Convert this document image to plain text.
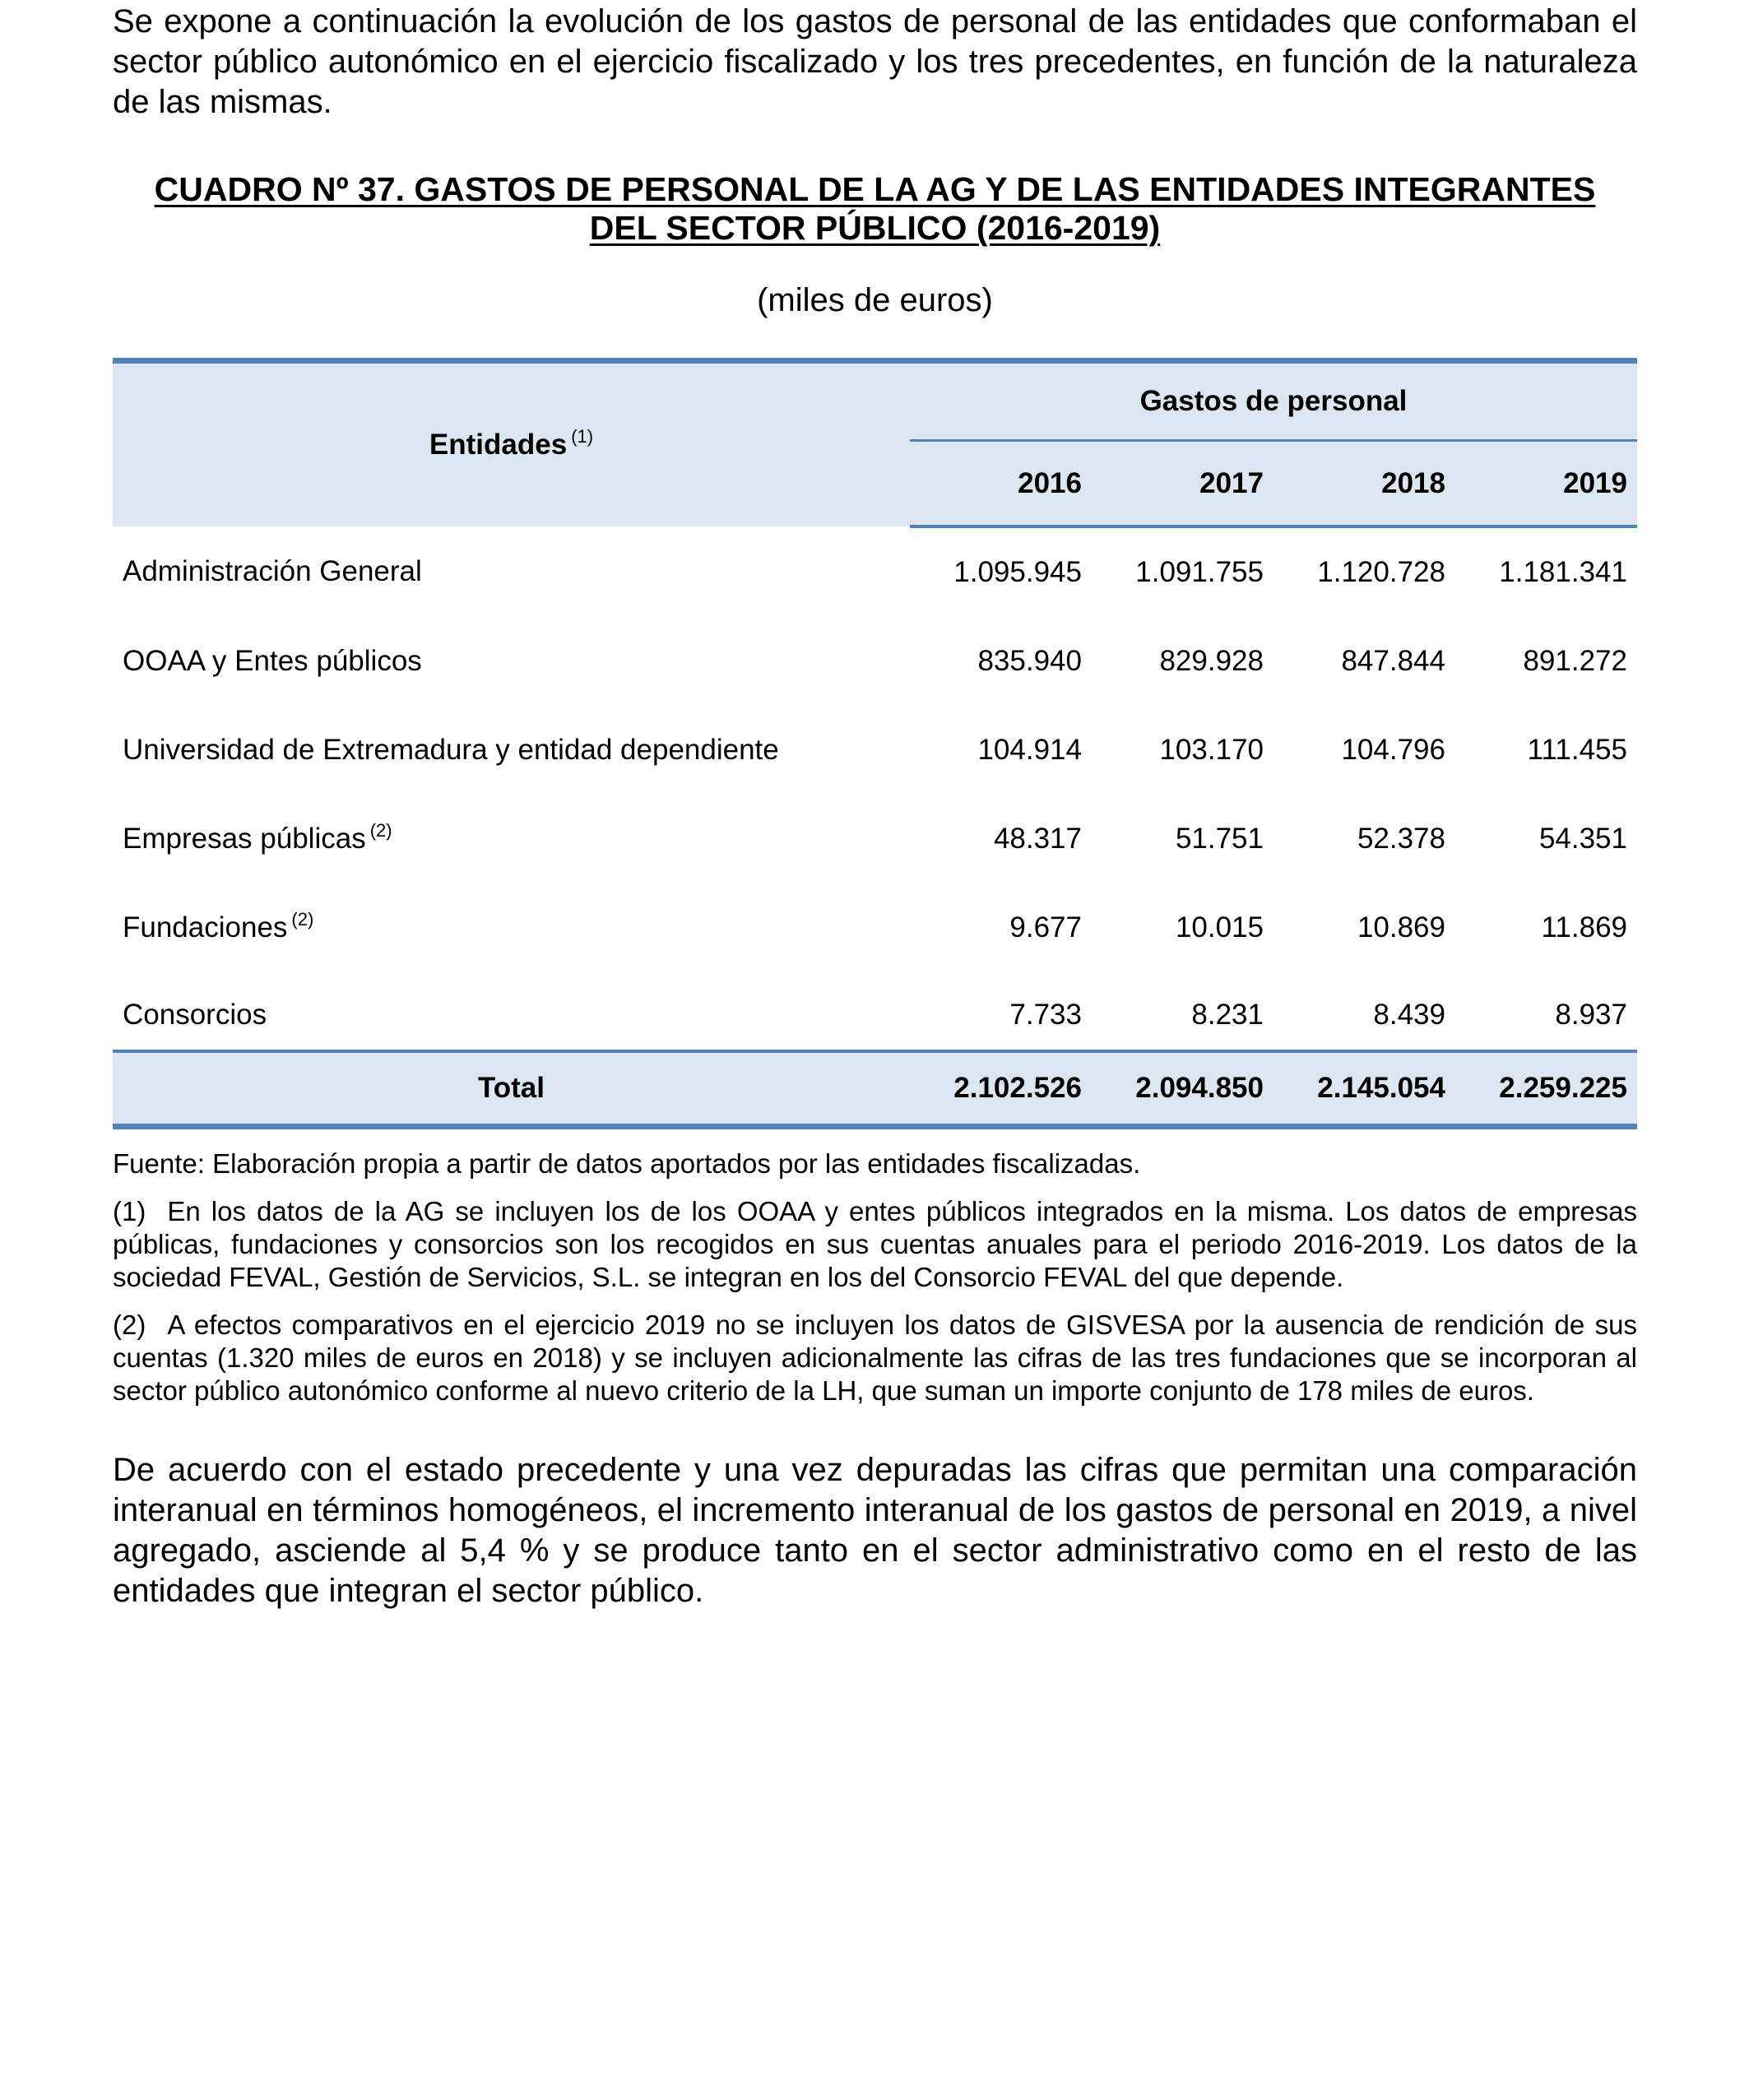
Se expone a continuación la evolución de los gastos de personal de las entidades que conformaban el sector público autonómico en el ejercicio fiscalizado y los tres precedentes, en función de la naturaleza de las mismas.

CUADRO Nº 37. GASTOS DE PERSONAL DE LA AG Y DE LAS ENTIDADES INTEGRANTES
DEL SECTOR PÚBLICO (2016-2019)

(miles de euros)

Entidades $^{(1)}$	Gastos de personal			
	2016	2017	2018	2019
Administración General	1.095.945	1.091.755	1.120.728	1.181.341
OOAA y Entes públicos	835.940	829.928	847.844	891.272
Universidad de Extremadura y entidad dependiente	104.914	103.170	104.796	111.455
Empresas públicas $^{(2)}$	48.317	51.751	52.378	54.351
Fundaciones $^{(2)}$	9.677	10.015	10.869	11.869
Consorcios	7.733	8.231	8.439	8.937
Total	2.102.526	2.094.850	2.145.054	2.259.225

Fuente: Elaboración propia a partir de datos aportados por las entidades fiscalizadas.

(1) En los datos de la AG se incluyen los de los OOAA y entes públicos integrados en la misma. Los datos de empresas públicas, fundaciones y consorcios son los recogidos en sus cuentas anuales para el periodo 2016-2019. Los datos de la sociedad FEVAL, Gestión de Servicios, S.L. se integran en los del Consorcio FEVAL del que depende.

(2) A efectos comparativos en el ejercicio 2019 no se incluyen los datos de GISVESA por la ausencia de rendición de sus cuentas (1.320 miles de euros en 2018) y se incluyen adicionalmente las cifras de las tres fundaciones que se incorporan al sector público autonómico conforme al nuevo criterio de la LH, que suman un importe conjunto de 178 miles de euros.

De acuerdo con el estado precedente y una vez depuradas las cifras que permitan una comparación interanual en términos homogéneos, el incremento interanual de los gastos de personal en 2019, a nivel agregado, asciende al 5,4 % y se produce tanto en el sector administrativo como en el resto de las entidades que integran el sector público.
